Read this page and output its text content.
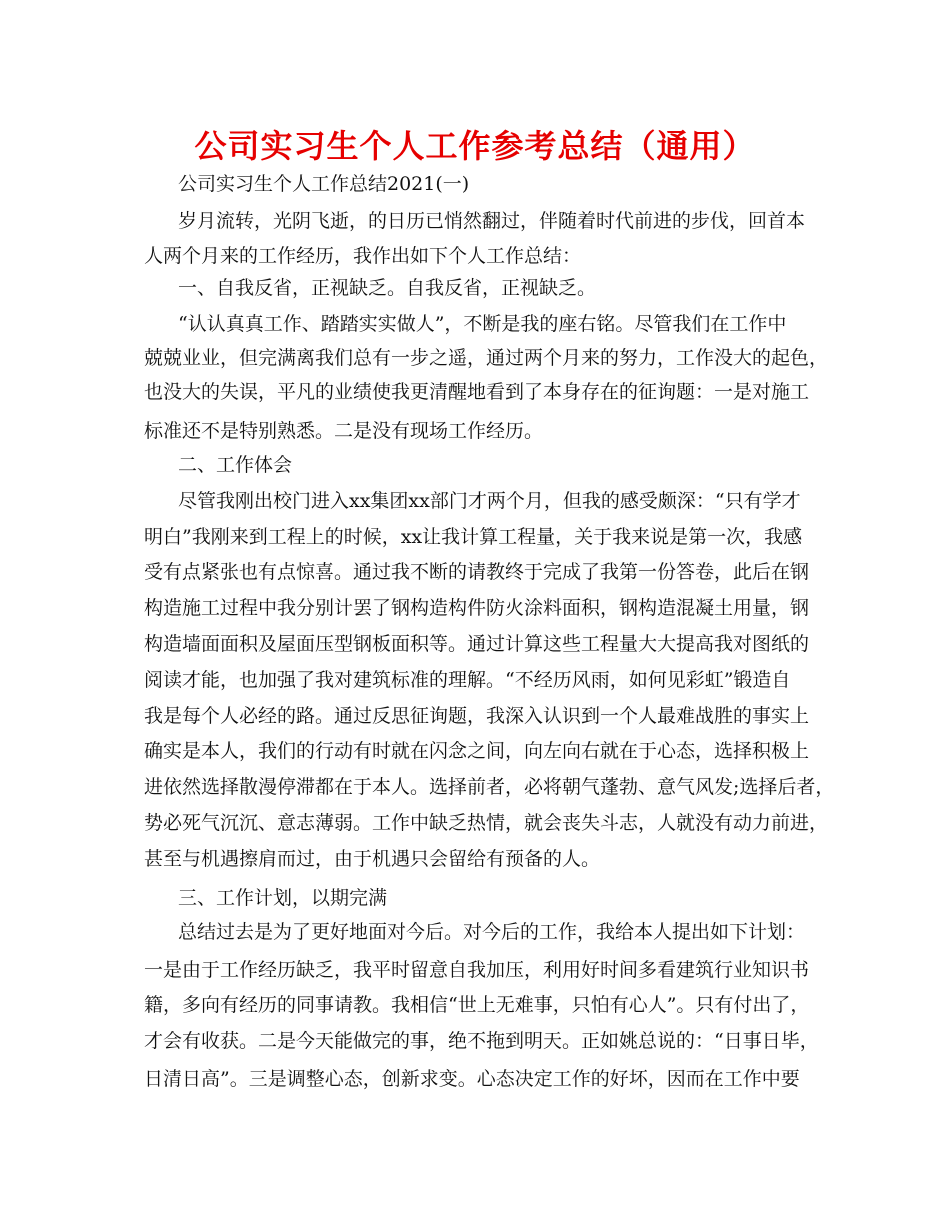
公司实习生个人工作参考总结（通用）

公司实习生个人工作总结2021(一)

岁月流转，光阴飞逝，的日历已悄然翻过，伴随着时代前进的步伐，回首本

人两个月来的工作经历，我作出如下个人工作总结：

一、自我反省，正视缺乏。自我反省，正视缺乏。

“认认真真工作、踏踏实实做人”，不断是我的座右铭。尽管我们在工作中

兢兢业业，但完满离我们总有一步之遥，通过两个月来的努力，工作没大的起色，

也没大的失误，平凡的业绩使我更清醒地看到了本身存在的征询题：一是对施工

标准还不是特别熟悉。二是没有现场工作经历。

二、工作体会

尽管我刚出校门进入xx集团xx部门才两个月，但我的感受颇深：“只有学才

明白”我刚来到工程上的时候，xx让我计算工程量，关于我来说是第一次，我感

受有点紧张也有点惊喜。通过我不断的请教终于完成了我第一份答卷，此后在钢

构造施工过程中我分别计罢了钢构造构件防火涂料面积，钢构造混凝土用量，钢

构造墙面面积及屋面压型钢板面积等。通过计算这些工程量大大提高我对图纸的

阅读才能，也加强了我对建筑标准的理解。“不经历风雨，如何见彩虹”锻造自

我是每个人必经的路。通过反思征询题，我深入认识到一个人最难战胜的事实上

确实是本人，我们的行动有时就在闪念之间，向左向右就在于心态，选择积极上

进依然选择散漫停滞都在于本人。选择前者，必将朝气蓬勃、意气风发;选择后者，

势必死气沉沉、意志薄弱。工作中缺乏热情，就会丧失斗志，人就没有动力前进，

甚至与机遇擦肩而过，由于机遇只会留给有预备的人。

三、工作计划，以期完满

总结过去是为了更好地面对今后。对今后的工作，我给本人提出如下计划：

一是由于工作经历缺乏，我平时留意自我加压，利用好时间多看建筑行业知识书

籍，多向有经历的同事请教。我相信“世上无难事，只怕有心人”。只有付出了，

才会有收获。二是今天能做完的事，绝不拖到明天。正如姚总说的：“日事日毕，

日清日高”。三是调整心态，创新求变。心态决定工作的好坏，因而在工作中要
